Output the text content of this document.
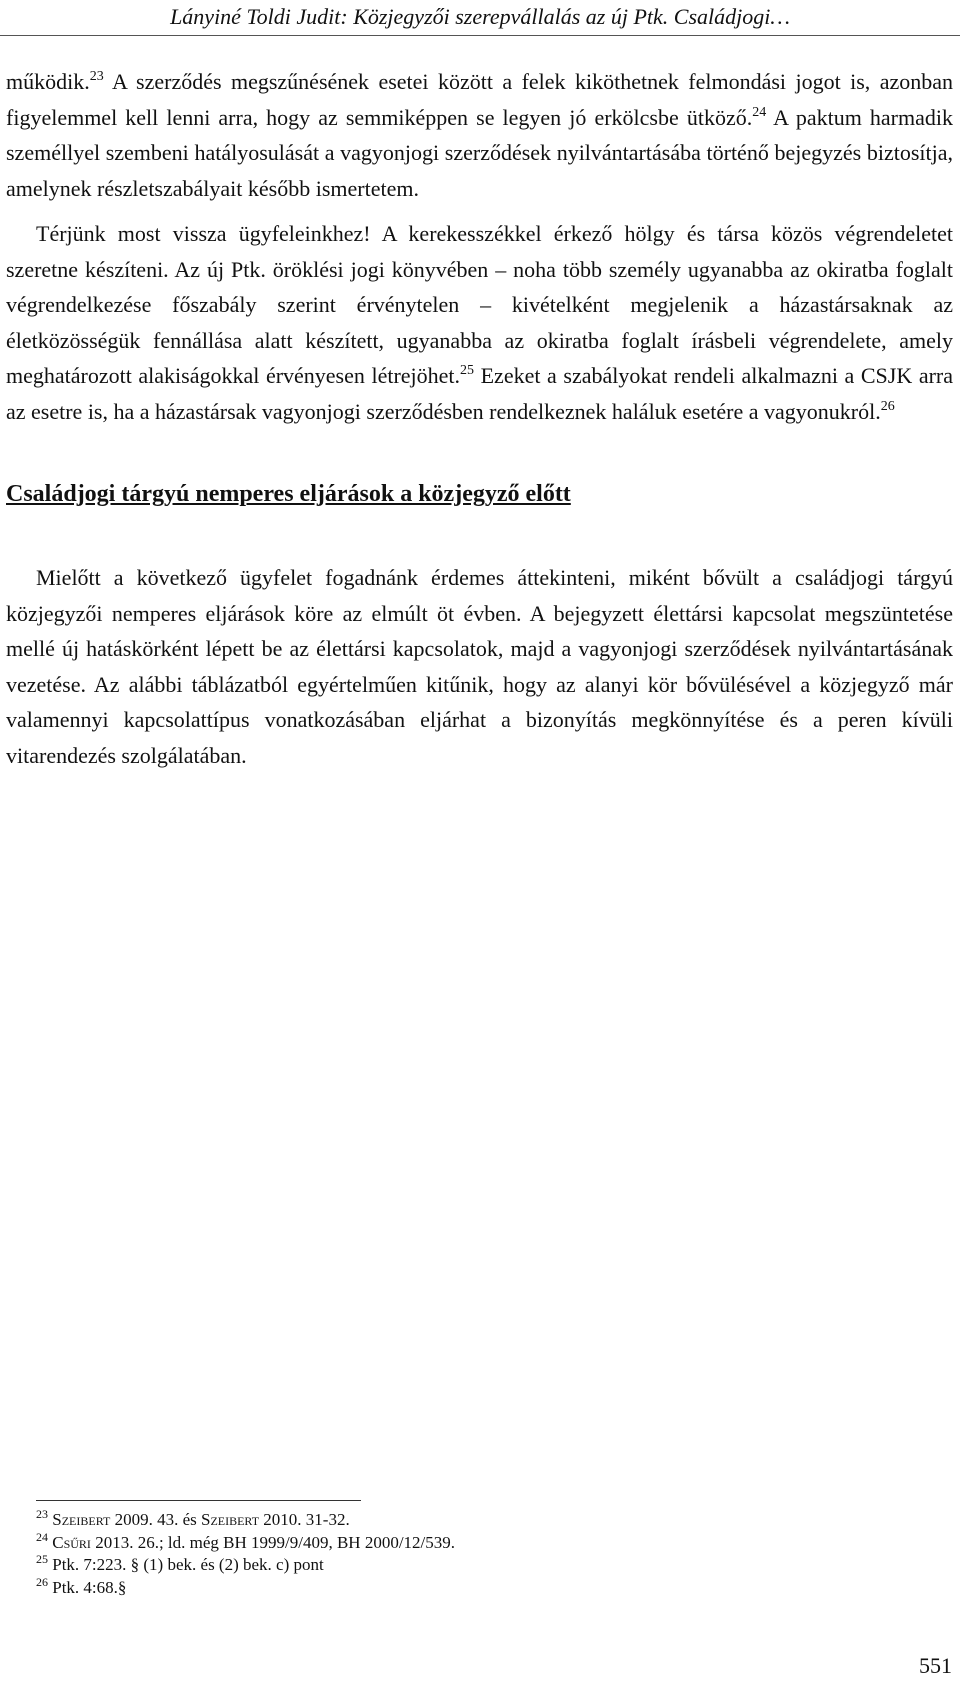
Lányiné Toldi Judit: Közjegyzői szerepvállalás az új Ptk. Családjogi…

működik.$^{23}$ A szerződés megszűnésének esetei között a felek kiköthetnek felmondási jogot is, azonban figyelemmel kell lenni arra, hogy az semmiképpen se legyen jó erkölcsbe ütköző.$^{24}$ A paktum harmadik személlyel szembeni hatályosulását a vagyonjogi szerződések nyilvántartásába történő bejegyzés biztosítja, amelynek részletszabályait később ismertetem.

Térjünk most vissza ügyfeleinkhez! A kerekesszékkel érkező hölgy és társa közös végrendeletet szeretne készíteni. Az új Ptk. öröklési jogi könyvében – noha több személy ugyanabba az okiratba foglalt végrendelkezése főszabály szerint érvénytelen – kivételként megjelenik a házastársaknak az életközösségük fennállása alatt készített, ugyanabba az okiratba foglalt írásbeli végrendelete, amely meghatározott alakiságokkal érvényesen létrejöhet.$^{25}$ Ezeket a szabályokat rendeli alkalmazni a CSJK arra az esetre is, ha a házastársak vagyonjogi szerződésben rendelkeznek haláluk esetére a vagyonukról.$^{26}$

Családjogi tárgyú nemperes eljárások a közjegyző előtt

Mielőtt a következő ügyfelet fogadnánk érdemes áttekinteni, miként bővült a családjogi tárgyú közjegyzői nemperes eljárások köre az elmúlt öt évben. A bejegyzett élettársi kapcsolat megszüntetése mellé új hatáskörként lépett be az élettársi kapcsolatok, majd a vagyonjogi szerződések nyilvántartásának vezetése. Az alábbi táblázatból egyértelműen kitűnik, hogy az alanyi kör bővülésével a közjegyző már valamennyi kapcsolattípus vonatkozásában eljárhat a bizonyítás megkönnyítése és a peren kívüli vitarendezés szolgálatában.

$^{23}$ Szeibert 2009. 43. és Szeibert 2010. 31-32.

$^{24}$ Csűri 2013. 26.; ld. még BH 1999/9/409, BH 2000/12/539.

$^{25}$ Ptk. 7:223. § (1) bek. és (2) bek. c) pont

$^{26}$ Ptk. 4:68.§

551
